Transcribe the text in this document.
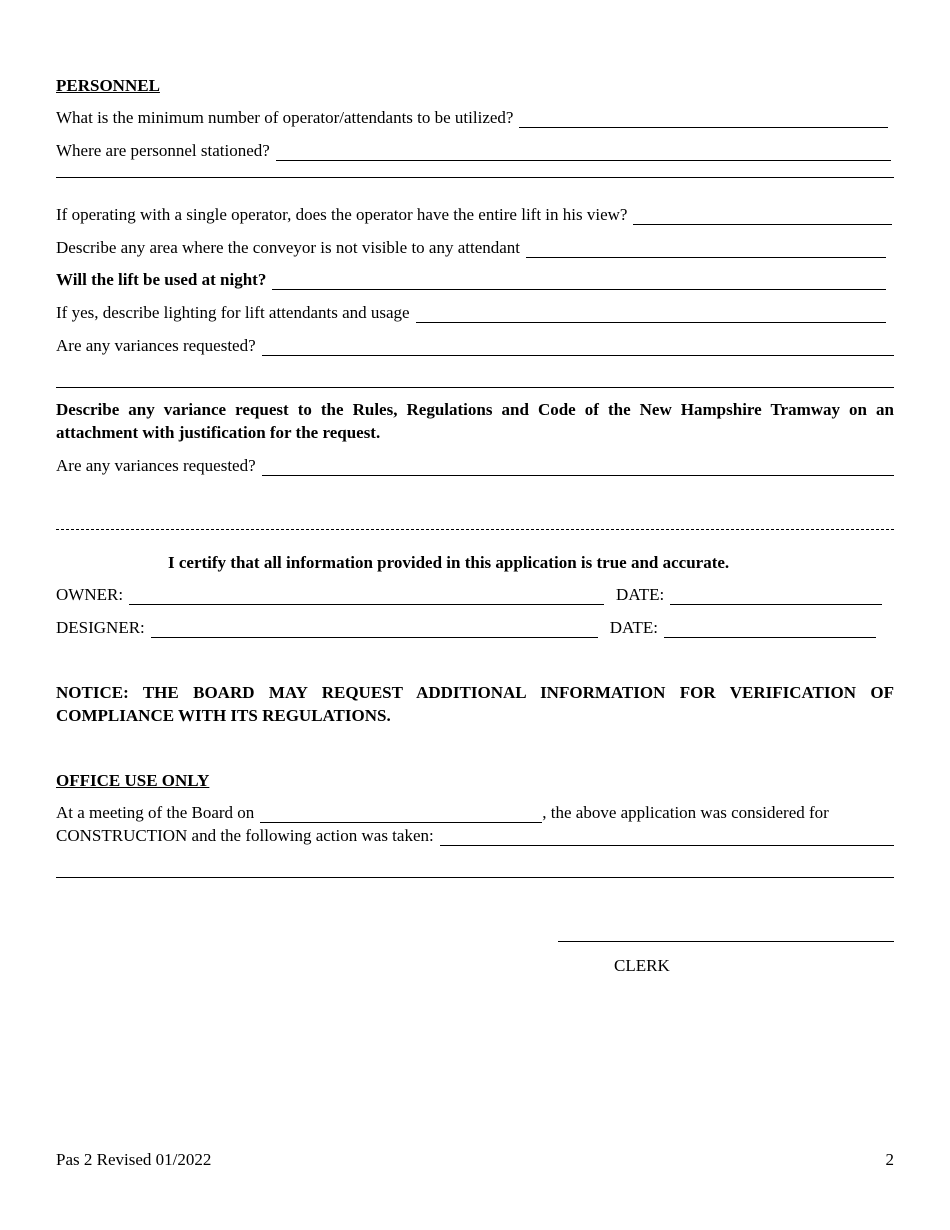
PERSONNEL
What is the minimum number of operator/attendants to be utilized?
Where are personnel stationed?
If operating with a single operator, does the operator have the entire lift in his view?
Describe any area where the conveyor is not visible to any attendant
Will the lift be used at night?
If yes, describe lighting for lift attendants and usage
Are any variances requested?
Describe any variance request to the Rules, Regulations and Code of the New Hampshire Tramway on an attachment with justification for the request.
Are any variances requested?
I certify that all information provided in this application is true and accurate.
OWNER:	DATE:
DESIGNER:	DATE:
NOTICE: THE BOARD MAY REQUEST ADDITIONAL INFORMATION FOR VERIFICATION OF COMPLIANCE WITH ITS REGULATIONS.
OFFICE USE ONLY
At a meeting of the Board on	, the above application was considered for
CONSTRUCTION and the following action was taken:
CLERK
Pas 2 Revised 01/2022	2
